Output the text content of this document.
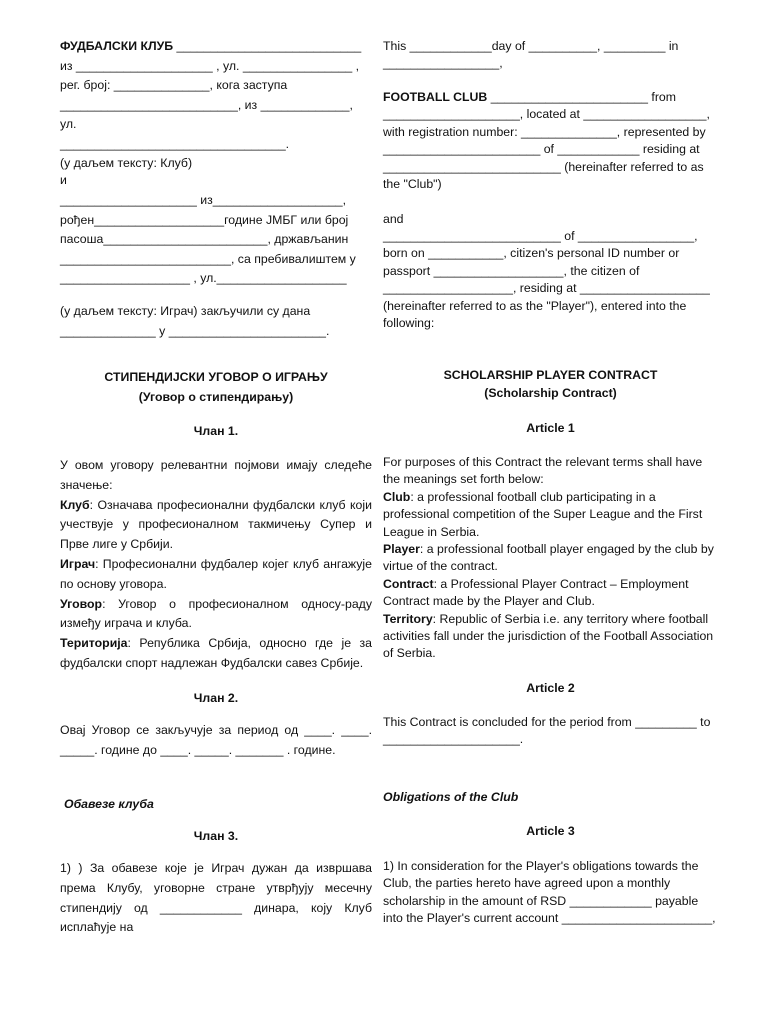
ФУДБАЛСКИ КЛУБ ___________________________
из ____________________ , ул. ________________ ,
рег. број: ______________, кога заступа
__________________________, из _____________, ул.
_________________________________.
(у даљем тексту: Клуб)
и
____________________ из___________________,
рођен___________________године ЈМБГ или број
пасоша________________________, држављанин
_________________________, са пребивалиштем у
___________________ , ул.___________________
(у даљем тексту: Играч) закључили су дана
______________ у _______________________.
СТИПЕНДИЈСКИ УГОВОР О ИГРАЊУ
(Уговор о стипендирању)
Члан 1.
У овом уговору релевантни појмови имају следеће значење:
Клуб: Означава професионални фудбалски клуб који учествује у професионалном такмичењу Супер и Прве лиге у Србији.
Играч: Професионални фудбалер којег клуб ангажује по основу уговора.
Уговор: Уговор о професионалном односу-раду између играча и клуба.
Територија: Република Србија, односно где је за фудбалски спорт надлежан Фудбалски савез Србије.
Члан 2.
Овај Уговор се закључује за период од ____. ____. _____. године до ____. _____. _______ . године.
Обавезе клуба
Члан 3.
1) ) За обавезе које је Играч дужан да извршава према Клубу, уговорне стране утврђују месечну стипендију од ____________ динара, коју Клуб исплаћује на
This ____________day of __________, _________ in _________________,
FOOTBALL CLUB _______________________ from ____________________, located at __________________, with registration number: ______________, represented by _______________________ of ____________ residing at __________________________ (hereinafter referred to as the "Club")
and
__________________________ of _________________, born on ___________, citizen's personal ID number or passport ___________________, the citizen of ___________________, residing at ___________________ (hereinafter referred to as the "Player"), entered into the following:
SCHOLARSHIP PLAYER CONTRACT
(Scholarship Contract)
Article 1
For purposes of this Contract the relevant terms shall have the meanings set forth below:
Club: a professional football club participating in a professional competition of the Super League and the First League in Serbia.
Player: a professional football player engaged by the club by virtue of the contract.
Contract: a Professional Player Contract – Employment Contract made by the Player and Club.
Territory: Republic of Serbia i.e. any territory where football activities fall under the jurisdiction of the Football Association of Serbia.
Article 2
This Contract is concluded for the period from _________ to ____________________.
Obligations of the Club
Article 3
1) In consideration for the Player's obligations towards the Club, the parties hereto have agreed upon a monthly scholarship in the amount of RSD ____________ payable into the Player's current account ______________________,
